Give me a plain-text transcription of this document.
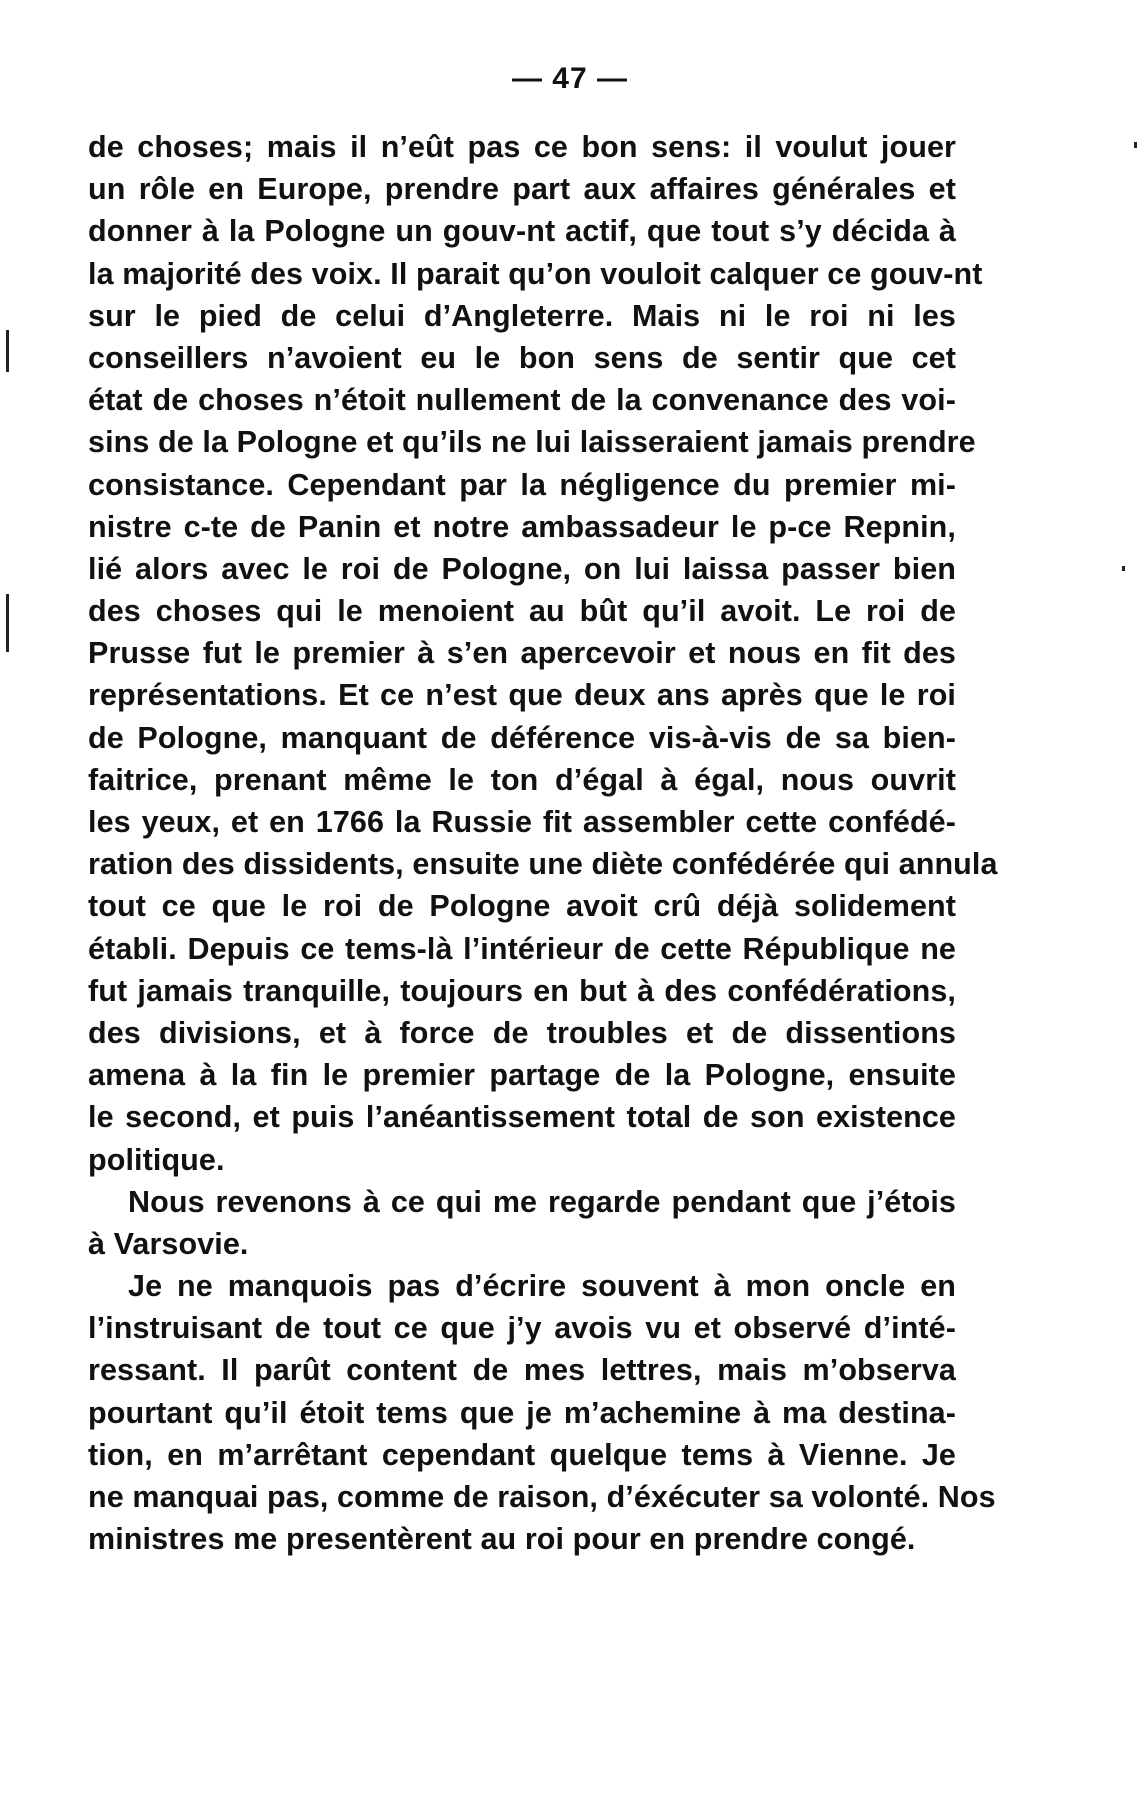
— 47 —
de choses; mais il n’eût pas ce bon sens: il voulut jouer
un rôle en Europe, prendre part aux affaires générales et
donner à la Pologne un gouv-nt actif, que tout s’y décida à
la majorité des voix. Il parait qu’on vouloit calquer ce gouv-nt
sur le pied de celui d’Angleterre. Mais ni le roi ni les
conseillers n’avoient eu le bon sens de sentir que cet
état de choses n’étoit nullement de la convenance des voi-
sins de la Pologne et qu’ils ne lui laisseraient jamais prendre
consistance. Cependant par la négligence du premier mi-
nistre c-te de Panin et notre ambassadeur le p-ce Repnin,
lié alors avec le roi de Pologne, on lui laissa passer bien
des choses qui le menoient au bût qu’il avoit. Le roi de
Prusse fut le premier à s’en apercevoir et nous en fit des
représentations. Et ce n’est que deux ans après que le roi
de Pologne, manquant de déférence vis-à-vis de sa bien-
faitrice, prenant même le ton d’égal à égal, nous ouvrit
les yeux, et en 1766 la Russie fit assembler cette confédé-
ration des dissidents, ensuite une diète confédérée qui annula
tout ce que le roi de Pologne avoit crû déjà solidement
établi. Depuis ce tems-là l’intérieur de cette République ne
fut jamais tranquille, toujours en but à des confédérations,
des divisions, et à force de troubles et de dissentions
amena à la fin le premier partage de la Pologne, ensuite
le second, et puis l’anéantissement total de son existence
politique.
Nous revenons à ce qui me regarde pendant que j’étois
à Varsovie.
Je ne manquois pas d’écrire souvent à mon oncle en
l’instruisant de tout ce que j’y avois vu et observé d’inté-
ressant. Il parût content de mes lettres, mais m’observa
pourtant qu’il étoit tems que je m’achemine à ma destina-
tion, en m’arrêtant cependant quelque tems à Vienne. Je
ne manquai pas, comme de raison, d’éxécuter sa volonté. Nos
ministres me presentèrent au roi pour en prendre congé.
